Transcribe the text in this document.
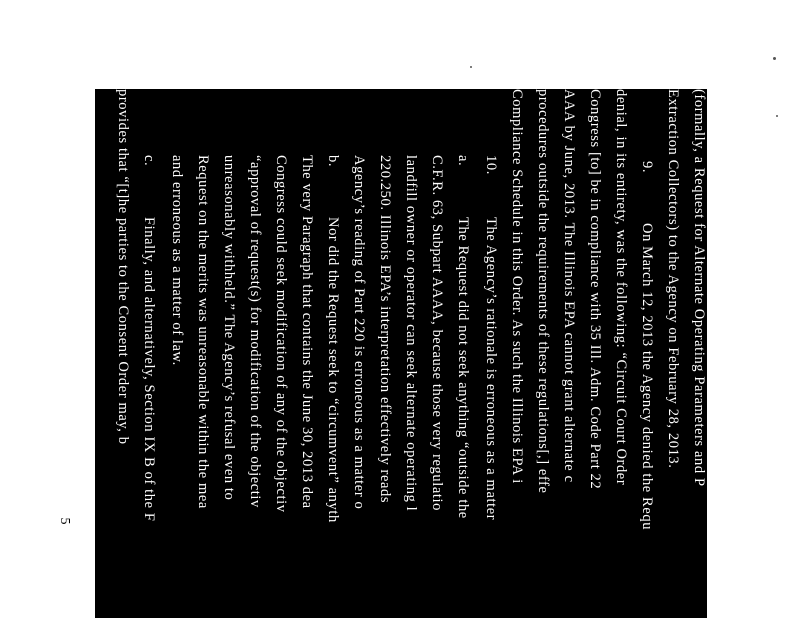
(formally, a Request for Alternate Operating Parameters and P
Extraction Collectors) to the Agency on February 28, 2013.
9.On March 12, 2013 the Agency denied the Requ
denial, in its entirety, was the following: “Circuit Court Order
Congress [to] be in compliance with 35 Ill. Adm. Code Part 22
AAA by June, 2013. The Illinois EPA cannot grant alternate c
procedures outside the requirements of these regulations[,] effe
Compliance Schedule in this Order. As such the Illinois EPA i
10.The Agency’s rationale is erroneous as a matter
a.The Request did not seek anything “outside the
C.F.R. 63, Subpart AAAA, because those very regulatio
landfill owner or operator can seek alternate operating l
220.250. Illinois EPA’s interpretation effectively reads
Agency’s reading of Part 220 is erroneous as a matter o
b.Nor did the Request seek to “circumvent” anyth
The very Paragraph that contains the June 30, 2013 dea
Congress could seek modification of any of the objectiv
“approval of request(s) for modification of the objectiv
unreasonably withheld.” The Agency’s refusal even to
Request on the merits was unreasonable within the mea
and erroneous as a matter of law.
c.Finally, and alternatively, Section IX B of the F
provides that “[t]he parties to the Consent Order may, b
5
